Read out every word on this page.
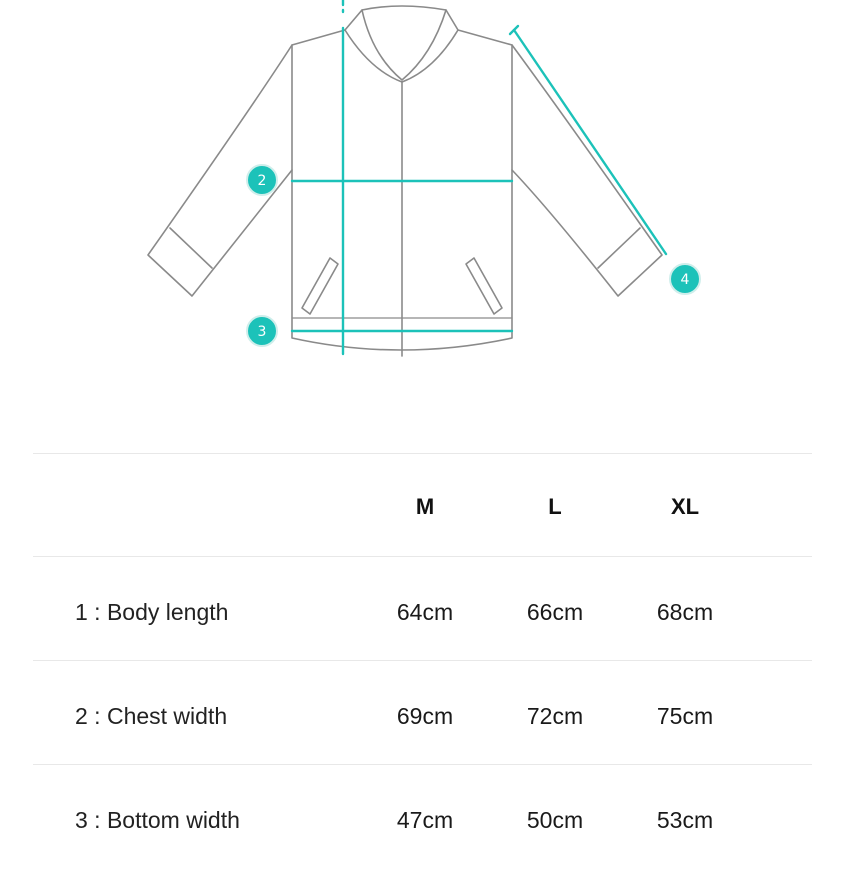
2
3
4
M	L	XL
1 : Body length	64cm	66cm	68cm
2 : Chest width	69cm	72cm	75cm
3 : Bottom width	47cm	50cm	53cm
